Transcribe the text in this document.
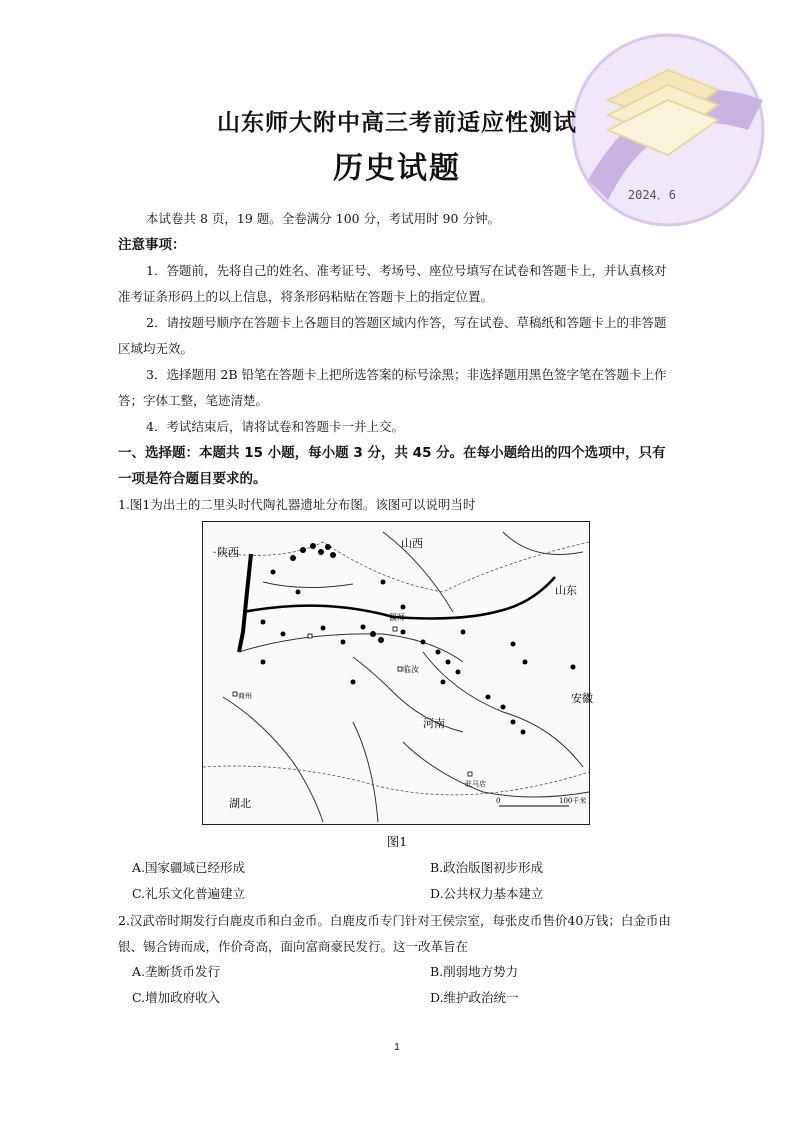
山东师大附中高三考前适应性测试
历史试题
2024．6
本试卷共 8 页，19 题。全卷满分 100 分，考试用时 90 分钟。
注意事项：
1．答题前，先将自己的姓名、准考证号、考场号、座位号填写在试卷和答题卡上，并认真核对准考证条形码上的以上信息，将条形码粘贴在答题卡上的指定位置。
2．请按题号顺序在答题卡上各题目的答题区域内作答，写在试卷、草稿纸和答题卡上的非答题区域均无效。
3．选择题用 2B 铅笔在答题卡上把所选答案的标号涂黑；非选择题用黑色签字笔在答题卡上作答；字体工整，笔迹清楚。
4．考试结束后，请将试卷和答题卡一并上交。
一、选择题：本题共 15 小题，每小题 3 分，共 45 分。在每小题给出的四个选项中，只有一项是符合题目要求的。
1.图1为出土的二里头时代陶礼器遗址分布图。该图可以说明当时
陕西
山西
山东
安徽
河南
湖北
偃师
临汝
驻马店
商州
0	100千米
图1
A.国家疆域已经形成	B.政治版图初步形成
C.礼乐文化普遍建立	D.公共权力基本建立
2.汉武帝时期发行白鹿皮币和白金币。白鹿皮币专门针对王侯宗室，每张皮币售价40万钱；白金币由银、锡合铸而成，作价奇高，面向富商豪民发行。这一改革旨在
A.垄断货币发行	B.削弱地方势力
C.增加政府收入	D.维护政治统一
1
